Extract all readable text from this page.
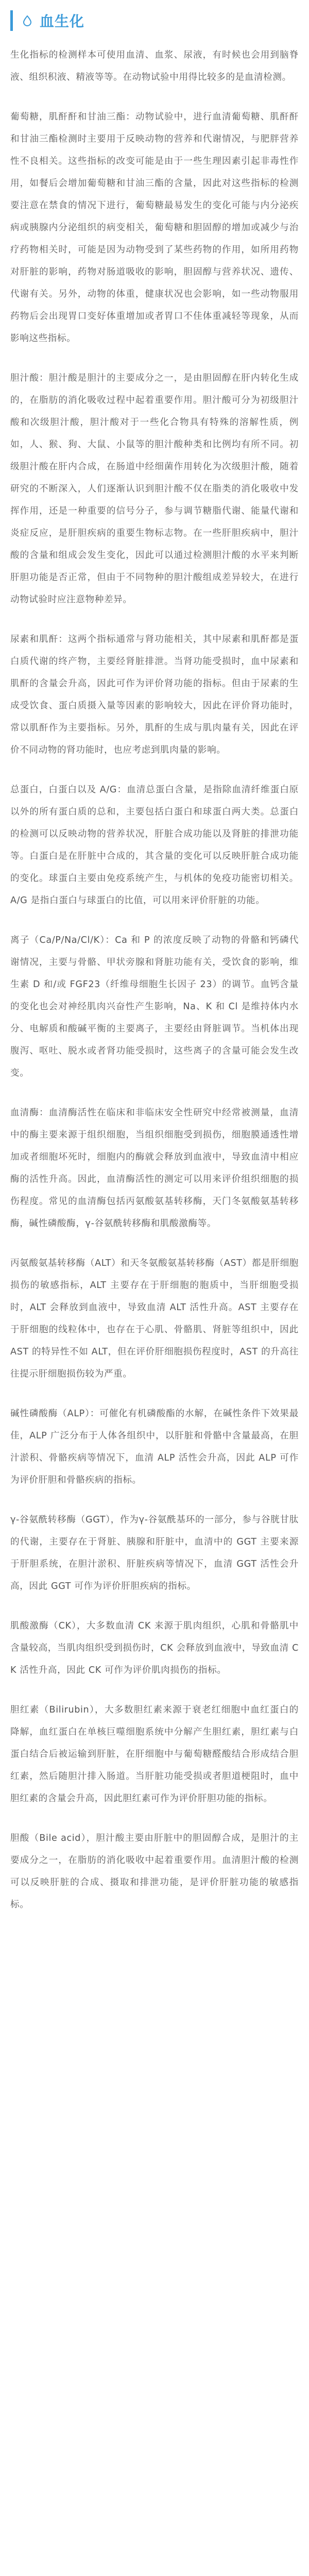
血生化

生化指标的检测样本可使用血清、血浆、尿液，有时候也会用到脑脊液、组织积液、精液等等。在动物试验中用得比较多的是血清检测。

葡萄糖，肌酐酐和甘油三酯：动物试验中，进行血清葡萄糖、肌酐酐和甘油三酯检测时主要用于反映动物的营养和代谢情况，与肥胖营养性不良相关。这些指标的改变可能是由于一些生理因素引起非毒性作用，如餐后会增加葡萄糖和甘油三酯的含量，因此对这些指标的检测要注意在禁食的情况下进行，葡萄糖最易发生的变化可能与内分泌疾病或胰腺内分泌组织的病变相关，葡萄糖和胆固醇的增加或减少与治疗药物相关时，可能是因为动物受到了某些药物的作用，如所用药物对肝脏的影响，药物对肠道吸收的影响，胆固醇与营养状况、遗传、代谢有关。另外，动物的体重，健康状况也会影响，如一些动物服用药物后会出现胃口变好体重增加或者胃口不佳体重减轻等现象，从而影响这些指标。

胆汁酸：胆汁酸是胆汁的主要成分之一，是由胆固醇在肝内转化生成的，在脂肪的消化吸收过程中起着重要作用。胆汁酸可分为初级胆汁酸和次级胆汁酸，胆汁酸对于一些化合物具有特殊的溶解性质，例如，人、猴、狗、大鼠、小鼠等的胆汁酸种类和比例均有所不同。初级胆汁酸在肝内合成，在肠道中经细菌作用转化为次级胆汁酸，随着研究的不断深入，人们逐渐认识到胆汁酸不仅在脂类的消化吸收中发挥作用，还是一种重要的信号分子，参与调节糖脂代谢、能量代谢和炎症反应，是肝胆疾病的重要生物标志物。在一些肝胆疾病中，胆汁酸的含量和组成会发生变化，因此可以通过检测胆汁酸的水平来判断肝胆功能是否正常，但由于不同物种的胆汁酸组成差异较大，在进行动物试验时应注意物种差异。

尿素和肌酐：这两个指标通常与肾功能相关，其中尿素和肌酐都是蛋白质代谢的终产物，主要经肾脏排泄。当肾功能受损时，血中尿素和肌酐的含量会升高，因此可作为评价肾功能的指标。但由于尿素的生成受饮食、蛋白质摄入量等因素的影响较大，因此在评价肾功能时，常以肌酐作为主要指标。另外，肌酐的生成与肌肉量有关，因此在评价不同动物的肾功能时，也应考虑到肌肉量的影响。

总蛋白，白蛋白以及 A/G：血清总蛋白含量，是指除血清纤维蛋白原以外的所有蛋白质的总和，主要包括白蛋白和球蛋白两大类。总蛋白的检测可以反映动物的营养状况，肝脏合成功能以及肾脏的排泄功能等。白蛋白是在肝脏中合成的，其含量的变化可以反映肝脏合成功能的变化。球蛋白主要由免疫系统产生，与机体的免疫功能密切相关。A/G 是指白蛋白与球蛋白的比值，可以用来评价肝脏的功能。

离子（Ca/P/Na/Cl/K）：Ca 和 P 的浓度反映了动物的骨骼和钙磷代谢情况，主要与骨骼、甲状旁腺和肾脏功能有关，受饮食的影响，维生素 D 和/或 FGF23（纤维母细胞生长因子 23）的调节。血钙含量的变化也会对神经肌肉兴奋性产生影响，Na、K 和 Cl 是维持体内水分、电解质和酸碱平衡的主要离子，主要经由肾脏调节。当机体出现腹泻、呕吐、脱水或者肾功能受损时，这些离子的含量可能会发生改变。

血清酶：血清酶活性在临床和非临床安全性研究中经常被测量，血清中的酶主要来源于组织细胞，当组织细胞受到损伤，细胞膜通透性增加或者细胞坏死时，细胞内的酶就会释放到血液中，导致血清中相应酶的活性升高。因此，血清酶活性的测定可以用来评价组织细胞的损伤程度。常见的血清酶包括丙氨酸氨基转移酶，天门冬氨酸氨基转移酶，碱性磷酸酶，γ-谷氨酰转移酶和肌酸激酶等。

丙氨酸氨基转移酶（ALT）和天冬氨酸氨基转移酶（AST）都是肝细胞损伤的敏感指标，ALT 主要存在于肝细胞的胞质中，当肝细胞受损时，ALT 会释放到血液中，导致血清 ALT 活性升高。AST 主要存在于肝细胞的线粒体中，也存在于心肌、骨骼肌、肾脏等组织中，因此 AST 的特异性不如 ALT，但在评价肝细胞损伤程度时，AST 的升高往往提示肝细胞损伤较为严重。

碱性磷酸酶（ALP）：可催化有机磷酸酯的水解，在碱性条件下效果最佳，ALP 广泛分布于人体各组织中，以肝脏和骨骼中含量最高，在胆汁淤积、骨骼疾病等情况下，血清 ALP 活性会升高，因此 ALP 可作为评价肝胆和骨骼疾病的指标。

γ-谷氨酰转移酶（GGT），作为γ-谷氨酰基环的一部分，参与谷胱甘肽的代谢，主要存在于肾脏、胰腺和肝脏中，血清中的 GGT 主要来源于肝胆系统，在胆汁淤积、肝脏疾病等情况下，血清 GGT 活性会升高，因此 GGT 可作为评价肝胆疾病的指标。

肌酸激酶（CK），大多数血清 CK 来源于肌肉组织，心肌和骨骼肌中含量较高，当肌肉组织受到损伤时，CK 会释放到血液中，导致血清 CK 活性升高，因此 CK 可作为评价肌肉损伤的指标。

胆红素（Bilirubin），大多数胆红素来源于衰老红细胞中血红蛋白的降解，血红蛋白在单核巨噬细胞系统中分解产生胆红素，胆红素与白蛋白结合后被运输到肝脏，在肝细胞中与葡萄糖醛酸结合形成结合胆红素，然后随胆汁排入肠道。当肝脏功能受损或者胆道梗阻时，血中胆红素的含量会升高，因此胆红素可作为评价肝胆功能的指标。

胆酸（Bile acid），胆汁酸主要由肝脏中的胆固醇合成，是胆汁的主要成分之一，在脂肪的消化吸收中起着重要作用。血清胆汁酸的检测可以反映肝脏的合成、摄取和排泄功能，是评价肝脏功能的敏感指标。
